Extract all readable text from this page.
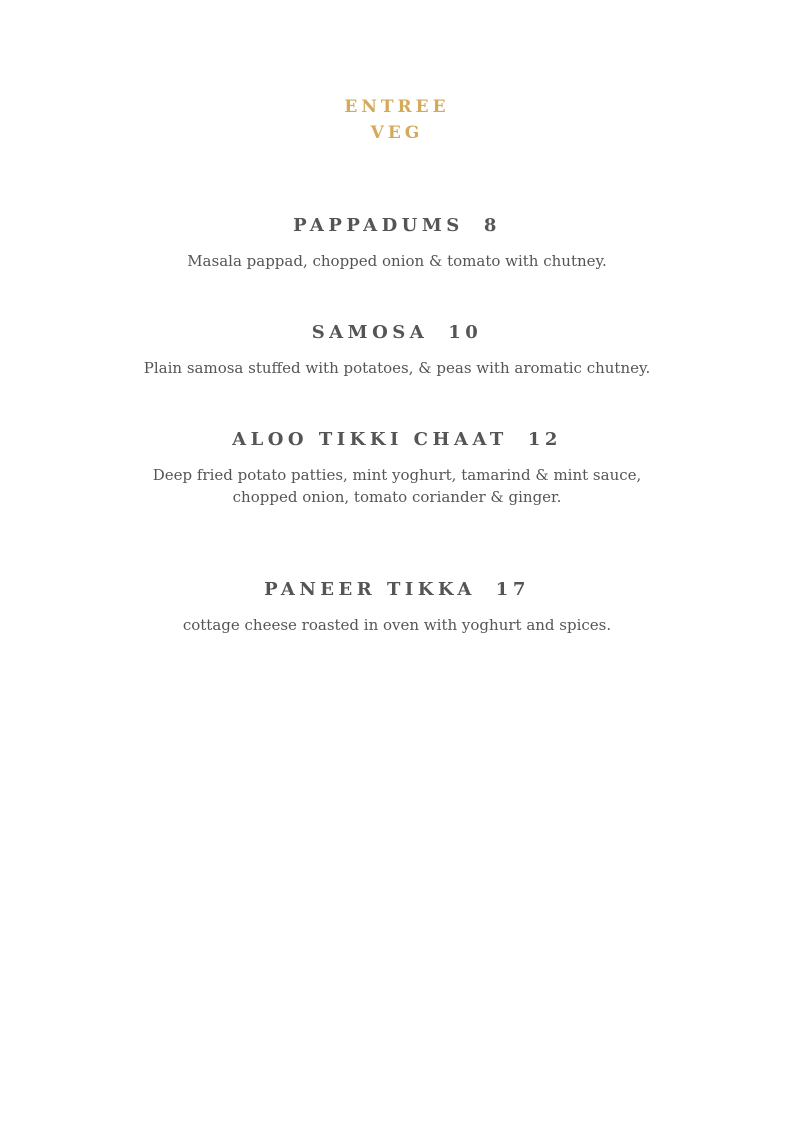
ENTREE
VEG
PAPPADUMS 8
Masala pappad, chopped onion & tomato with chutney.
SAMOSA 10
Plain samosa stuffed with potatoes, & peas with aromatic chutney.
ALOO TIKKI CHAAT 12
Deep fried potato patties, mint yoghurt, tamarind & mint sauce, chopped onion, tomato coriander & ginger.
PANEER TIKKA 17
cottage cheese roasted in oven with yoghurt and spices.
